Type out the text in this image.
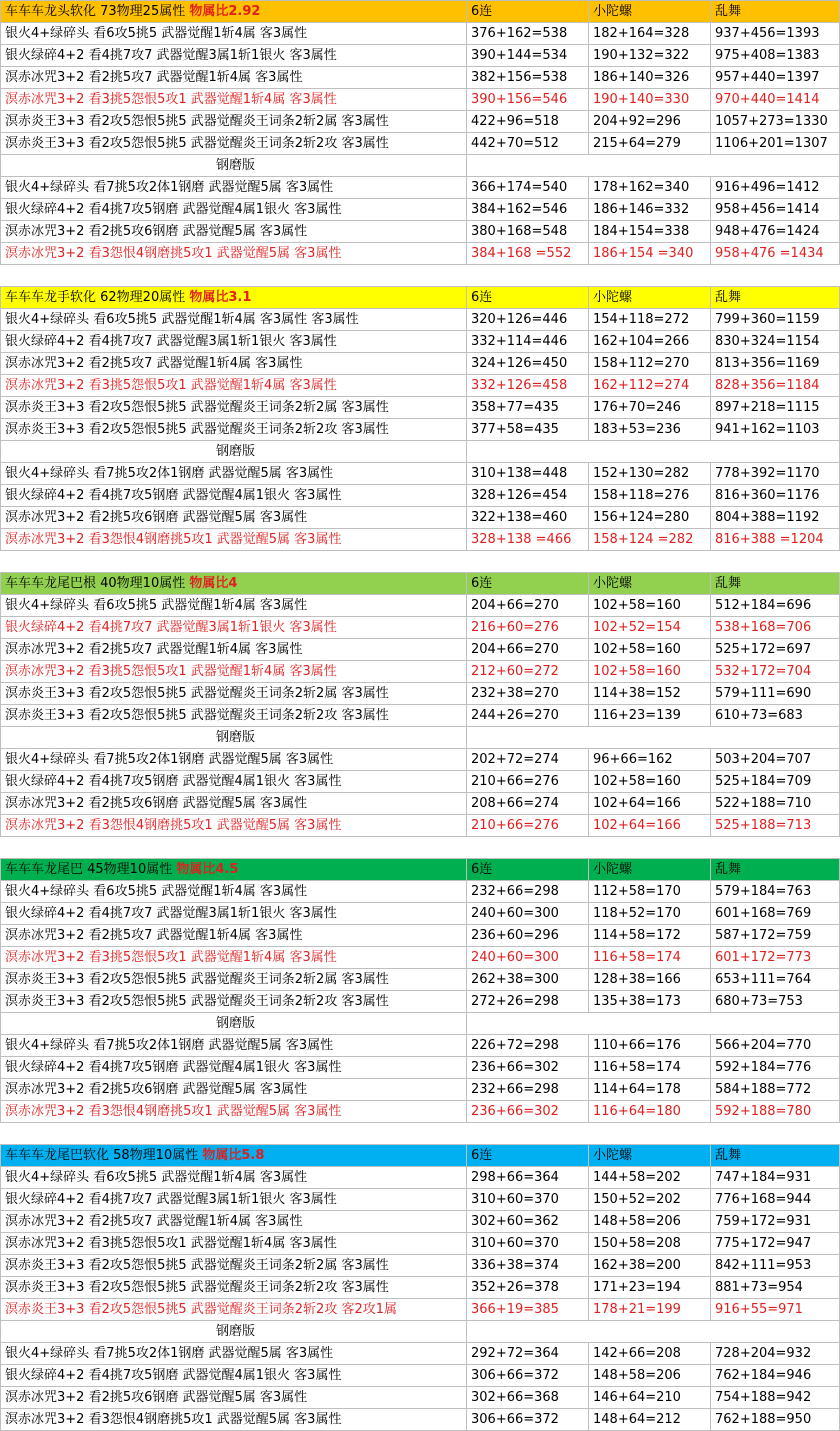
车车车龙头软化 73物理25属性 物属比2.92	6连	小陀螺	乱舞
银火4+绿碎头 看6攻5挑5 武器觉醒1斩4属 客3属性	376+162=538	182+164=328	937+456=1393
银火绿碎4+2 看4挑7攻7 武器觉醒3属1斩1银火 客3属性	390+144=534	190+132=322	975+408=1383
溟赤冰咒3+2 看2挑5攻7 武器觉醒1斩4属 客3属性	382+156=538	186+140=326	957+440=1397
溟赤冰咒3+2 看3挑5怨恨5攻1 武器觉醒1斩4属 客3属性	390+156=546	190+140=330	970+440=1414
溟赤炎王3+3 看2攻5怨恨5挑5 武器觉醒炎王词条2斩2属 客3属性	422+96=518	204+92=296	1057+273=1330
溟赤炎王3+3 看2攻5怨恨5挑5 武器觉醒炎王词条2斩2攻 客3属性	442+70=512	215+64=279	1106+201=1307
钢磨版			
银火4+绿碎头 看7挑5攻2体1钢磨 武器觉醒5属 客3属性	366+174=540	178+162=340	916+496=1412
银火绿碎4+2 看4挑7攻5钢磨 武器觉醒4属1银火 客3属性	384+162=546	186+146=332	958+456=1414
溟赤冰咒3+2 看2挑5攻6钢磨 武器觉醒5属 客3属性	380+168=548	184+154=338	948+476=1424
溟赤冰咒3+2 看3怨恨4钢磨挑5攻1 武器觉醒5属 客3属性	384+168 =552	186+154 =340	958+476 =1434

车车车龙手软化 62物理20属性 物属比3.1	6连	小陀螺	乱舞
银火4+绿碎头 看6攻5挑5 武器觉醒1斩4属 客3属性 客3属性	320+126=446	154+118=272	799+360=1159
银火绿碎4+2 看4挑7攻7 武器觉醒3属1斩1银火 客3属性	332+114=446	162+104=266	830+324=1154
溟赤冰咒3+2 看2挑5攻7 武器觉醒1斩4属 客3属性	324+126=450	158+112=270	813+356=1169
溟赤冰咒3+2 看3挑5怨恨5攻1 武器觉醒1斩4属 客3属性	332+126=458	162+112=274	828+356=1184
溟赤炎王3+3 看2攻5怨恨5挑5 武器觉醒炎王词条2斩2属 客3属性	358+77=435	176+70=246	897+218=1115
溟赤炎王3+3 看2攻5怨恨5挑5 武器觉醒炎王词条2斩2攻 客3属性	377+58=435	183+53=236	941+162=1103
钢磨版			
银火4+绿碎头 看7挑5攻2体1钢磨 武器觉醒5属 客3属性	310+138=448	152+130=282	778+392=1170
银火绿碎4+2 看4挑7攻5钢磨 武器觉醒4属1银火 客3属性	328+126=454	158+118=276	816+360=1176
溟赤冰咒3+2 看2挑5攻6钢磨 武器觉醒5属 客3属性	322+138=460	156+124=280	804+388=1192
溟赤冰咒3+2 看3怨恨4钢磨挑5攻1 武器觉醒5属 客3属性	328+138 =466	158+124 =282	816+388 =1204

车车车龙尾巴根 40物理10属性 物属比4	6连	小陀螺	乱舞
银火4+绿碎头 看6攻5挑5 武器觉醒1斩4属 客3属性	204+66=270	102+58=160	512+184=696
银火绿碎4+2 看4挑7攻7 武器觉醒3属1斩1银火 客3属性	216+60=276	102+52=154	538+168=706
溟赤冰咒3+2 看2挑5攻7 武器觉醒1斩4属 客3属性	204+66=270	102+58=160	525+172=697
溟赤冰咒3+2 看3挑5怨恨5攻1 武器觉醒1斩4属 客3属性	212+60=272	102+58=160	532+172=704
溟赤炎王3+3 看2攻5怨恨5挑5 武器觉醒炎王词条2斩2属 客3属性	232+38=270	114+38=152	579+111=690
溟赤炎王3+3 看2攻5怨恨5挑5 武器觉醒炎王词条2斩2攻 客3属性	244+26=270	116+23=139	610+73=683
钢磨版			
银火4+绿碎头 看7挑5攻2体1钢磨 武器觉醒5属 客3属性	202+72=274	96+66=162	503+204=707
银火绿碎4+2 看4挑7攻5钢磨 武器觉醒4属1银火 客3属性	210+66=276	102+58=160	525+184=709
溟赤冰咒3+2 看2挑5攻6钢磨 武器觉醒5属 客3属性	208+66=274	102+64=166	522+188=710
溟赤冰咒3+2 看3怨恨4钢磨挑5攻1 武器觉醒5属 客3属性	210+66=276	102+64=166	525+188=713

车车车龙尾巴 45物理10属性 物属比4.5	6连	小陀螺	乱舞
银火4+绿碎头 看6攻5挑5 武器觉醒1斩4属 客3属性	232+66=298	112+58=170	579+184=763
银火绿碎4+2 看4挑7攻7 武器觉醒3属1斩1银火 客3属性	240+60=300	118+52=170	601+168=769
溟赤冰咒3+2 看2挑5攻7 武器觉醒1斩4属 客3属性	236+60=296	114+58=172	587+172=759
溟赤冰咒3+2 看3挑5怨恨5攻1 武器觉醒1斩4属 客3属性	240+60=300	116+58=174	601+172=773
溟赤炎王3+3 看2攻5怨恨5挑5 武器觉醒炎王词条2斩2属 客3属性	262+38=300	128+38=166	653+111=764
溟赤炎王3+3 看2攻5怨恨5挑5 武器觉醒炎王词条2斩2攻 客3属性	272+26=298	135+38=173	680+73=753
钢磨版			
银火4+绿碎头 看7挑5攻2体1钢磨 武器觉醒5属 客3属性	226+72=298	110+66=176	566+204=770
银火绿碎4+2 看4挑7攻5钢磨 武器觉醒4属1银火 客3属性	236+66=302	116+58=174	592+184=776
溟赤冰咒3+2 看2挑5攻6钢磨 武器觉醒5属 客3属性	232+66=298	114+64=178	584+188=772
溟赤冰咒3+2 看3怨恨4钢磨挑5攻1 武器觉醒5属 客3属性	236+66=302	116+64=180	592+188=780

车车车龙尾巴软化 58物理10属性 物属比5.8	6连	小陀螺	乱舞
银火4+绿碎头 看6攻5挑5 武器觉醒1斩4属 客3属性	298+66=364	144+58=202	747+184=931
银火绿碎4+2 看4挑7攻7 武器觉醒3属1斩1银火 客3属性	310+60=370	150+52=202	776+168=944
溟赤冰咒3+2 看2挑5攻7 武器觉醒1斩4属 客3属性	302+60=362	148+58=206	759+172=931
溟赤冰咒3+2 看3挑5怨恨5攻1 武器觉醒1斩4属 客3属性	310+60=370	150+58=208	775+172=947
溟赤炎王3+3 看2攻5怨恨5挑5 武器觉醒炎王词条2斩2属 客3属性	336+38=374	162+38=200	842+111=953
溟赤炎王3+3 看2攻5怨恨5挑5 武器觉醒炎王词条2斩2攻 客3属性	352+26=378	171+23=194	881+73=954
溟赤炎王3+3 看2攻5怨恨5挑5 武器觉醒炎王词条2斩2攻 客2攻1属	366+19=385	178+21=199	916+55=971
钢磨版			
银火4+绿碎头 看7挑5攻2体1钢磨 武器觉醒5属 客3属性	292+72=364	142+66=208	728+204=932
银火绿碎4+2 看4挑7攻5钢磨 武器觉醒4属1银火 客3属性	306+66=372	148+58=206	762+184=946
溟赤冰咒3+2 看2挑5攻6钢磨 武器觉醒5属 客3属性	302+66=368	146+64=210	754+188=942
溟赤冰咒3+2 看3怨恨4钢磨挑5攻1 武器觉醒5属 客3属性	306+66=372	148+64=212	762+188=950
